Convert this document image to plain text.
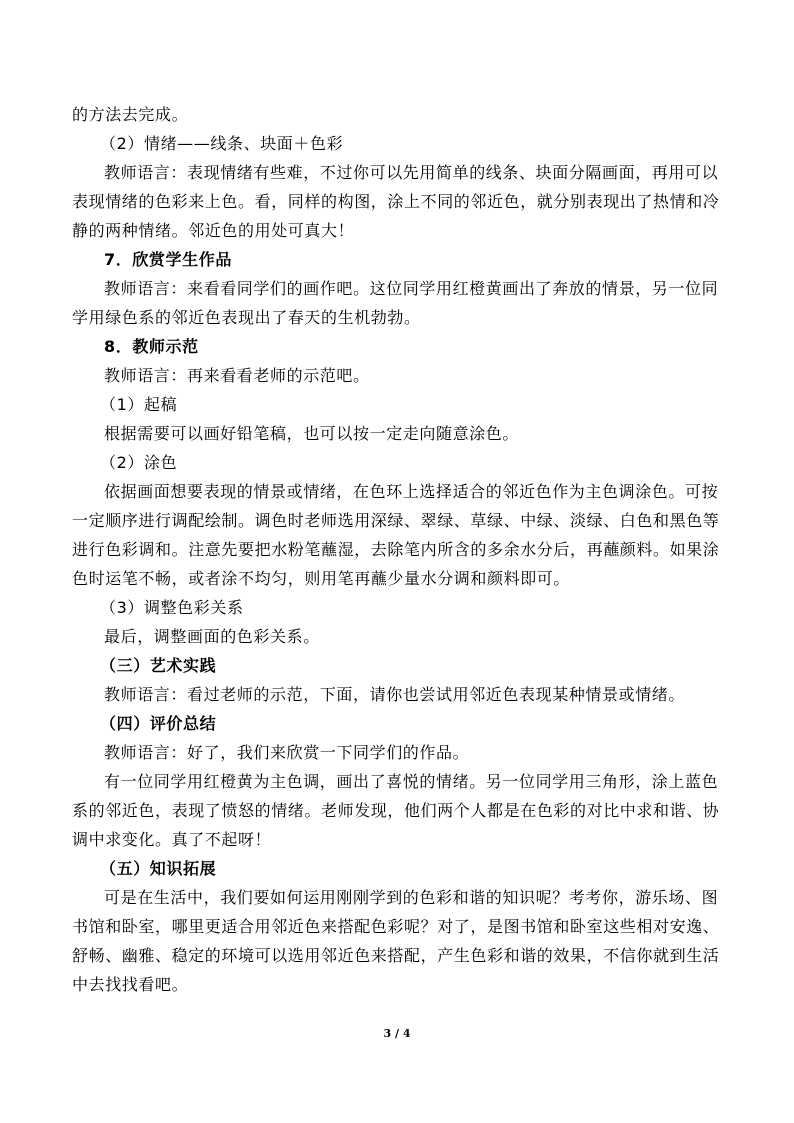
的方法去完成。

（2）情绪——线条、块面＋色彩

教师语言：表现情绪有些难，不过你可以先用简单的线条、块面分隔画面，再用可以表现情绪的色彩来上色。看，同样的构图，涂上不同的邻近色，就分别表现出了热情和冷静的两种情绪。邻近色的用处可真大！

7．欣赏学生作品

教师语言：来看看同学们的画作吧。这位同学用红橙黄画出了奔放的情景，另一位同学用绿色系的邻近色表现出了春天的生机勃勃。

8．教师示范

教师语言：再来看看老师的示范吧。

（1）起稿

根据需要可以画好铅笔稿，也可以按一定走向随意涂色。

（2）涂色

依据画面想要表现的情景或情绪，在色环上选择适合的邻近色作为主色调涂色。可按一定顺序进行调配绘制。调色时老师选用深绿、翠绿、草绿、中绿、淡绿、白色和黑色等进行色彩调和。注意先要把水粉笔蘸湿，去除笔内所含的多余水分后，再蘸颜料。如果涂色时运笔不畅，或者涂不均匀，则用笔再蘸少量水分调和颜料即可。

（3）调整色彩关系

最后，调整画面的色彩关系。

（三）艺术实践

教师语言：看过老师的示范，下面，请你也尝试用邻近色表现某种情景或情绪。

（四）评价总结

教师语言：好了，我们来欣赏一下同学们的作品。

有一位同学用红橙黄为主色调，画出了喜悦的情绪。另一位同学用三角形，涂上蓝色系的邻近色，表现了愤怒的情绪。老师发现，他们两个人都是在色彩的对比中求和谐、协调中求变化。真了不起呀！

（五）知识拓展

可是在生活中，我们要如何运用刚刚学到的色彩和谐的知识呢？考考你，游乐场、图书馆和卧室，哪里更适合用邻近色来搭配色彩呢？对了，是图书馆和卧室这些相对安逸、舒畅、幽雅、稳定的环境可以选用邻近色来搭配，产生色彩和谐的效果，不信你就到生活中去找找看吧。

3 / 4
